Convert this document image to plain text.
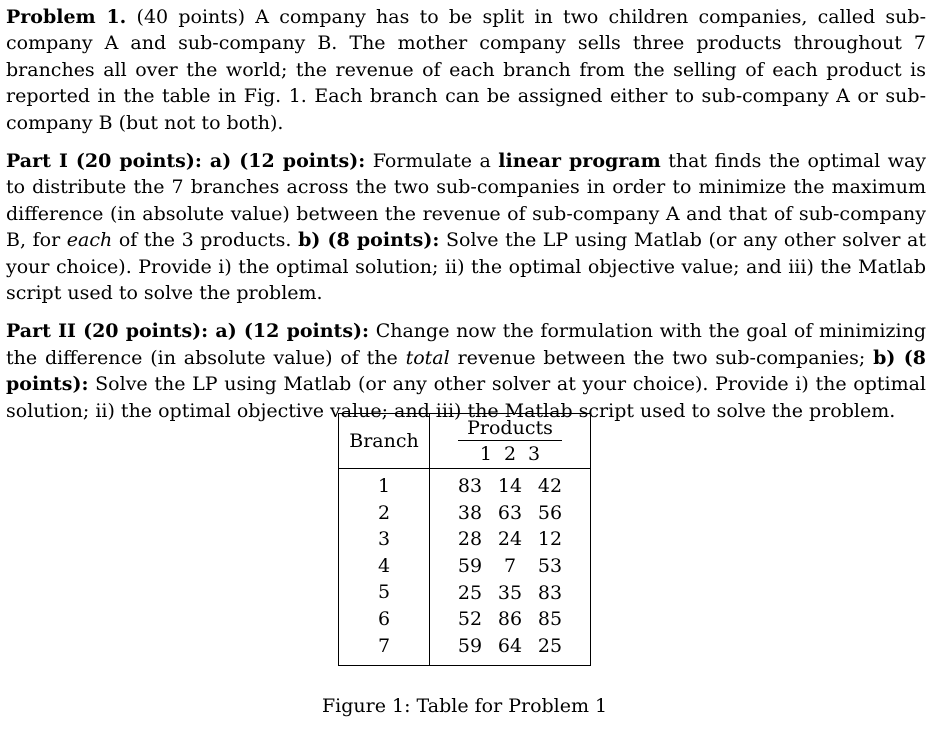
Problem 1. (40 points) A company has to be split in two children companies, called sub-company A and sub-company B. The mother company sells three products throughout 7 branches all over the world; the revenue of each branch from the selling of each product is reported in the table in Fig. 1. Each branch can be assigned either to sub-company A or sub-company B (but not to both).

Part I (20 points): a) (12 points): Formulate a linear program that finds the optimal way to distribute the 7 branches across the two sub-companies in order to minimize the maximum difference (in absolute value) between the revenue of sub-company A and that of sub-company B, for each of the 3 products. b) (8 points): Solve the LP using Matlab (or any other solver at your choice). Provide i) the optimal solution; ii) the optimal objective value; and iii) the Matlab script used to solve the problem.

Part II (20 points): a) (12 points): Change now the formulation with the goal of minimizing the difference (in absolute value) of the total revenue between the two sub-companies; b) (8 points): Solve the LP using Matlab (or any other solver at your choice). Provide i) the optimal solution; ii) the optimal objective value; and iii) the Matlab script used to solve the problem.

Branch	Products
1 2 3

1	83 14 42
2	38 63 56
3	28 24 12
4	59 7 53
5	25 35 83
6	52 86 85
7	59 64 25
Figure 1: Table for Problem 1
